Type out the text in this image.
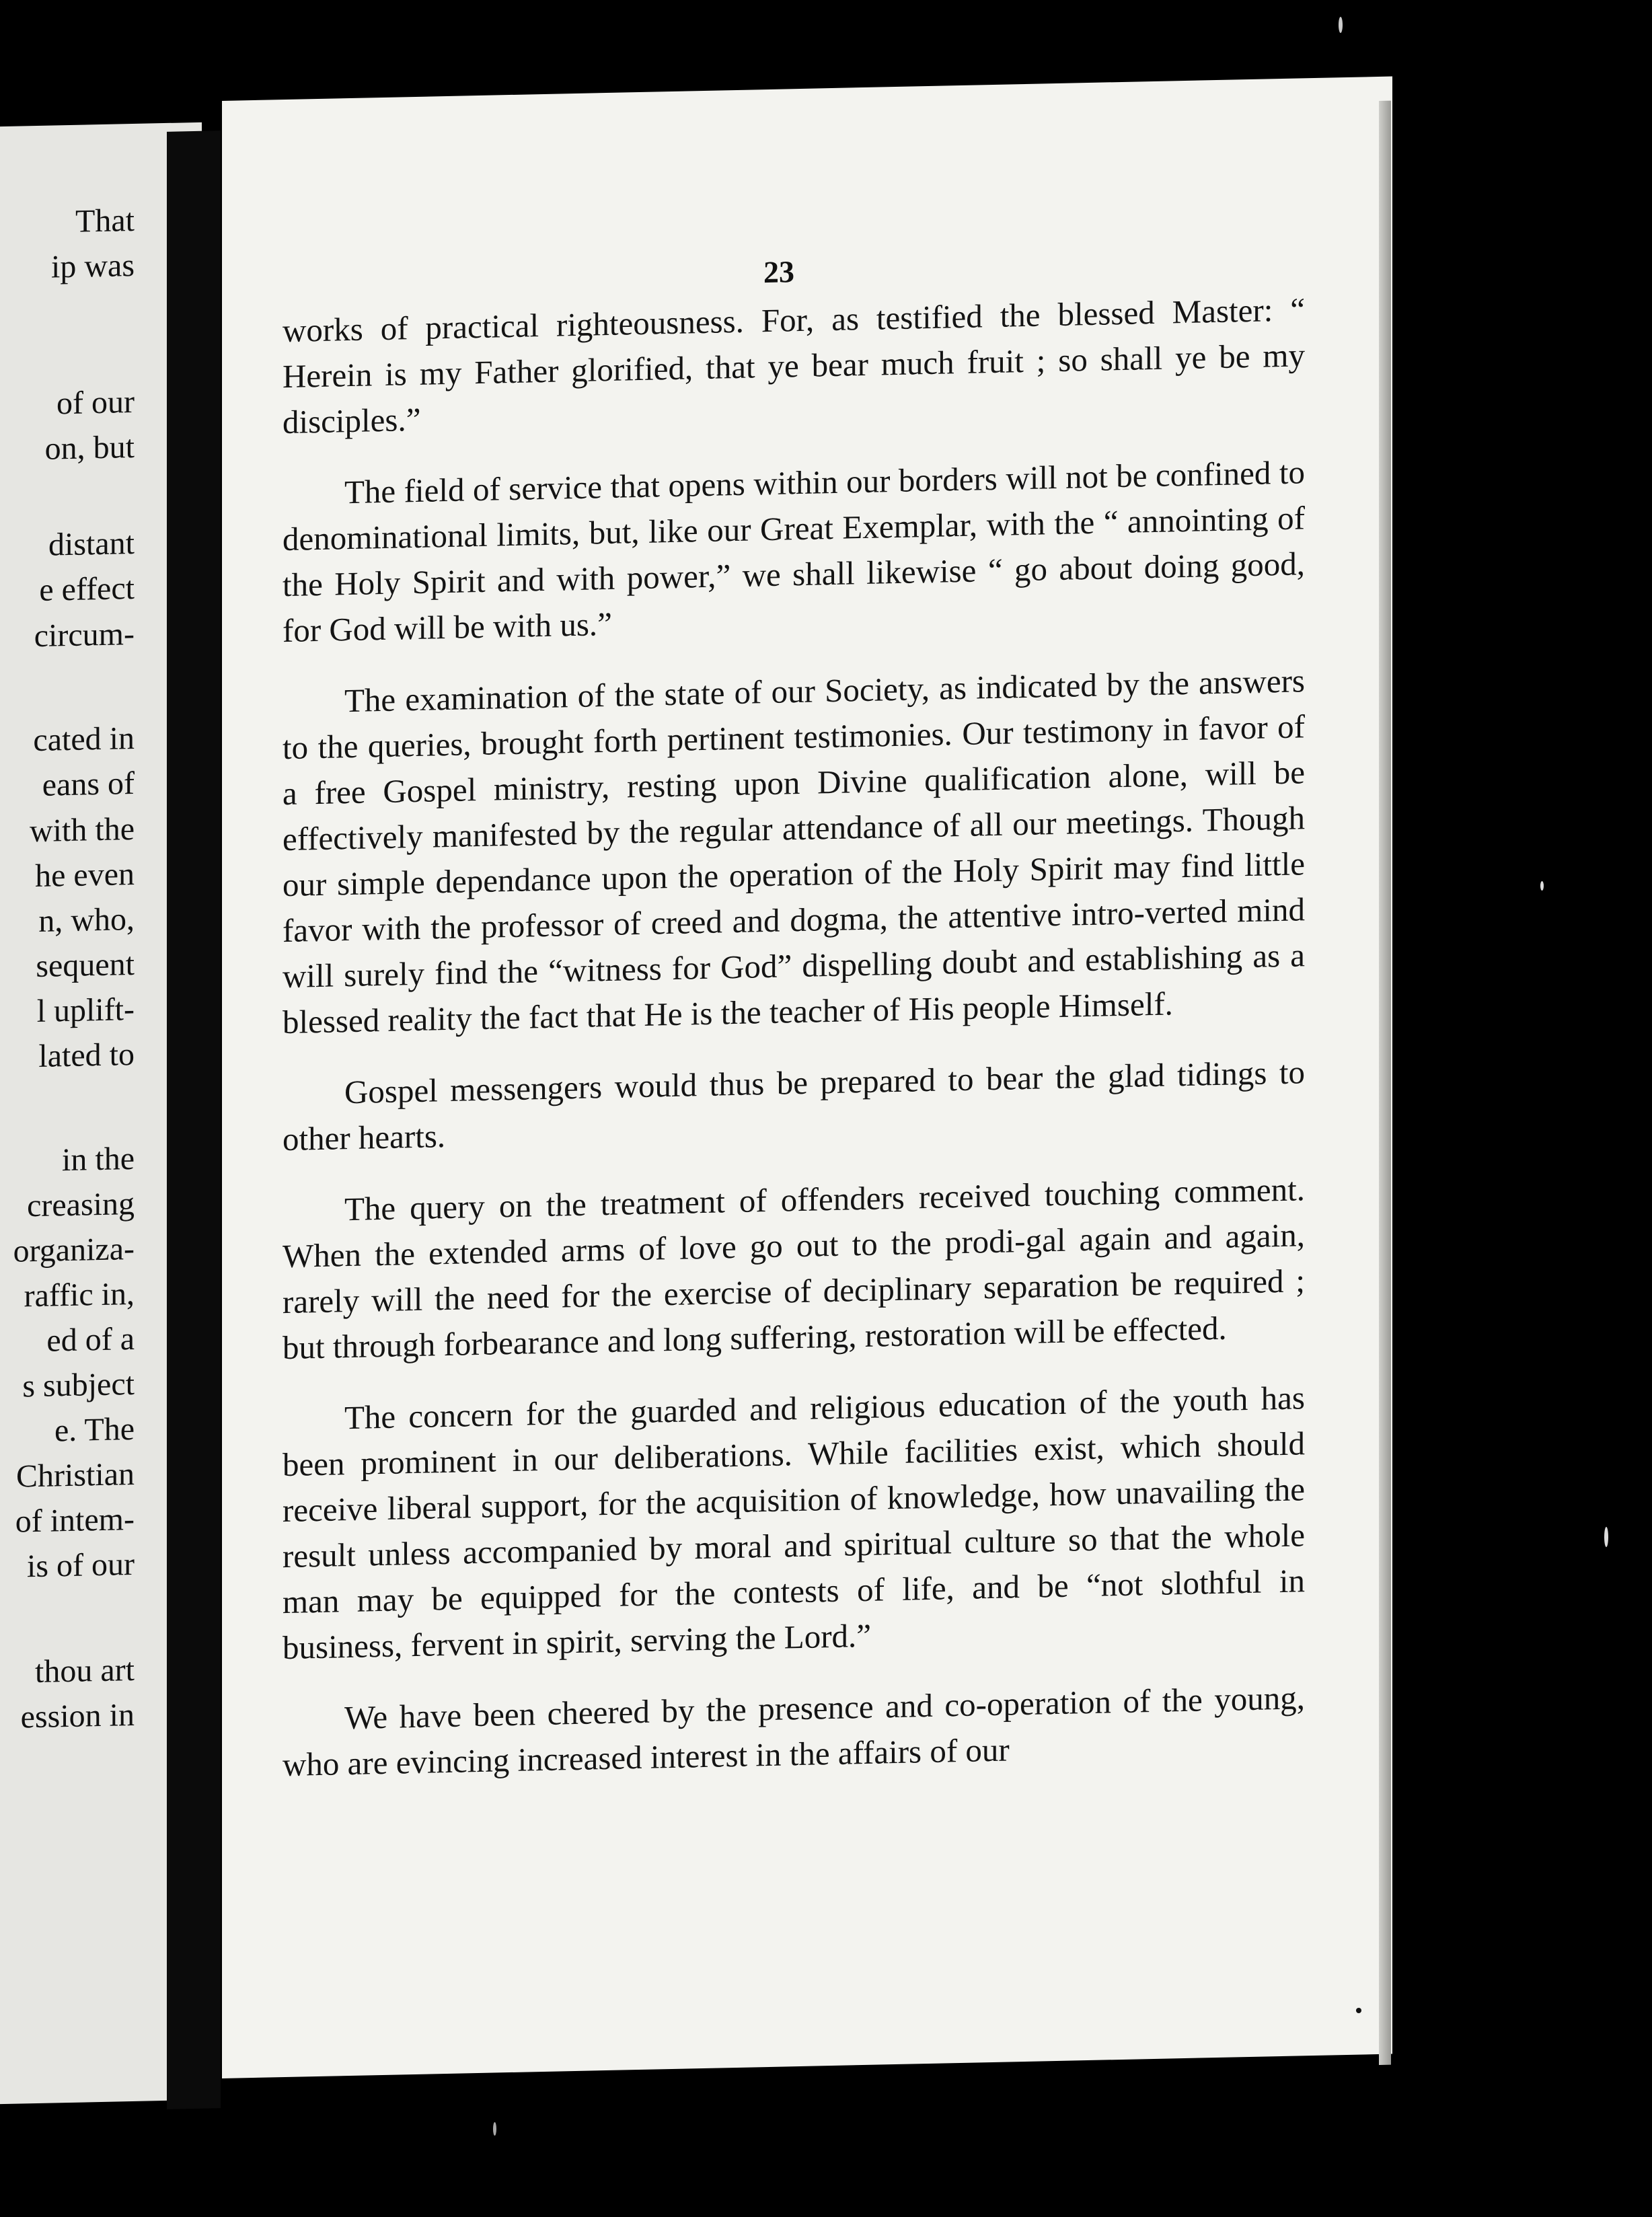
That
ip was
of our
on, but
distant
e effect
circum-
cated in
eans of
with the
he even
n, who,
sequent
l uplift-
lated to
in the
creasing
organiza-
raffic in,
ed of a
s subject
e. The
Christian
of intem-
is of our
thou art
ession in
23

works of practical righteousness. For, as testified the blessed Master: “ Herein is my Father glorified, that ye bear much fruit ; so shall ye be my disciples.”

The field of service that opens within our borders will not be confined to denominational limits, but, like our Great Exemplar, with the “ annointing of the Holy Spirit and with power,” we shall likewise “ go about doing good, for God will be with us.”

The examination of the state of our Society, as indicated by the answers to the queries, brought forth pertinent testimonies. Our testimony in favor of a free Gospel ministry, resting upon Divine qualification alone, will be effectively manifested by the regular attendance of all our meetings. Though our simple dependance upon the operation of the Holy Spirit may find little favor with the professor of creed and dogma, the attentive intro-verted mind will surely find the “witness for God” dispelling doubt and establishing as a blessed reality the fact that He is the teacher of His people Himself.

Gospel messengers would thus be prepared to bear the glad tidings to other hearts.

The query on the treatment of offenders received touching comment. When the extended arms of love go out to the prodi-gal again and again, rarely will the need for the exercise of deciplinary separation be required ; but through forbearance and long suffering, restoration will be effected.

The concern for the guarded and religious education of the youth has been prominent in our deliberations. While facilities exist, which should receive liberal support, for the acquisition of knowledge, how unavailing the result unless accompanied by moral and spiritual culture so that the whole man may be equipped for the contests of life, and be “not slothful in business, fervent in spirit, serving the Lord.”

We have been cheered by the presence and co-operation of the young, who are evincing increased interest in the affairs of our
